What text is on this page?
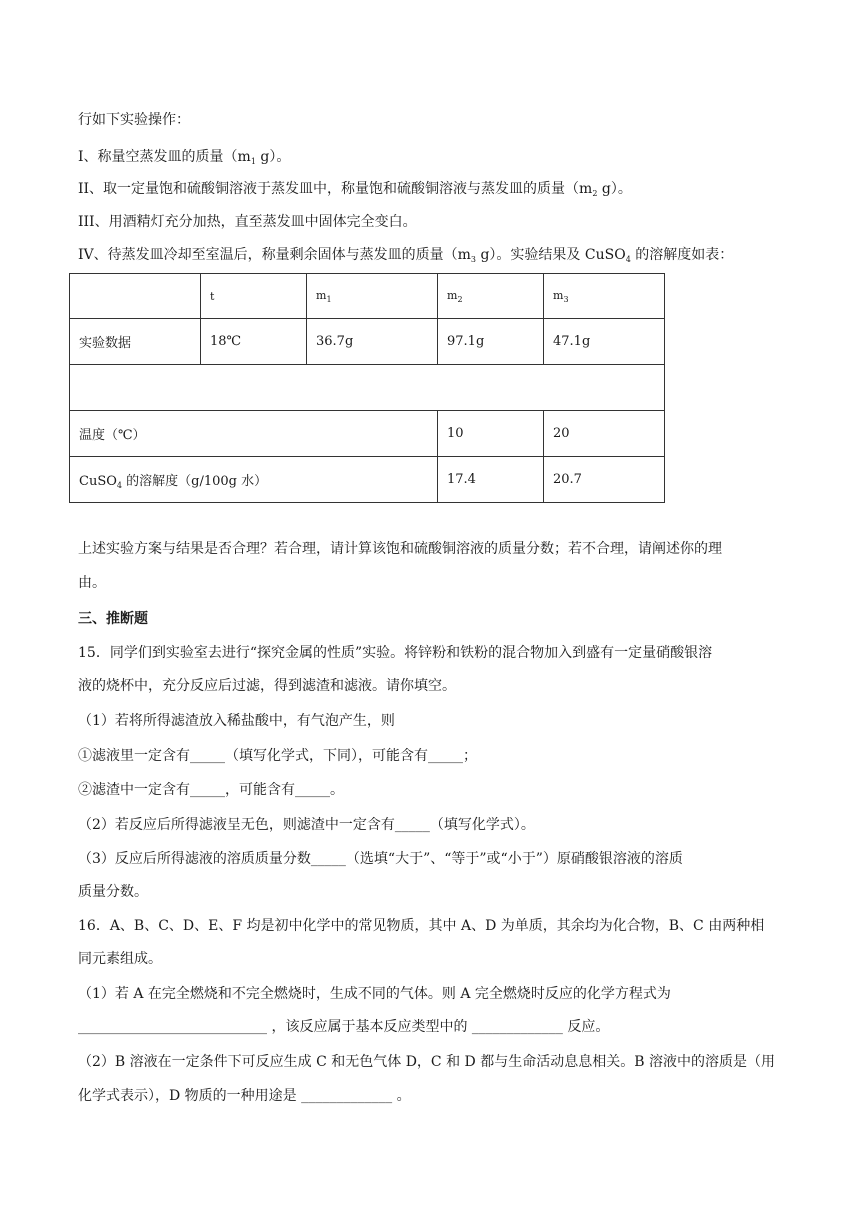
行如下实验操作：
I、称量空蒸发皿的质量（$m_1$ g）。
II、取一定量饱和硫酸铜溶液于蒸发皿中，称量饱和硫酸铜溶液与蒸发皿的质量（$m_2$ g）。
III、用酒精灯充分加热，直至蒸发皿中固体完全变白。
IV、待蒸发皿冷却至室温后，称量剩余固体与蒸发皿的质量（$m_3$ g）。实验结果及 CuSO$_4$ 的溶解度如表：
	t	$m_1$	$m_2$	$m_3$
实验数据	18℃	36.7g	97.1g	47.1g

温度（℃）			10	20
CuSO$_4$ 的溶解度（g/100g 水）			17.4	20.7
上述实验方案与结果是否合理？若合理，请计算该饱和硫酸铜溶液的质量分数；若不合理，请阐述你的理
由。
三、推断题
15．同学们到实验室去进行“探究金属的性质”实验。将锌粉和铁粉的混合物加入到盛有一定量硝酸银溶
液的烧杯中，充分反应后过滤，得到滤渣和滤液。请你填空。
（1）若将所得滤渣放入稀盐酸中，有气泡产生，则
①滤液里一定含有_____（填写化学式，下同），可能含有_____；
②滤渣中一定含有_____，可能含有_____。
（2）若反应后所得滤液呈无色，则滤渣中一定含有_____（填写化学式）。
（3）反应后所得滤液的溶质质量分数_____（选填“大于”、“等于”或“小于”）原硝酸银溶液的溶质
质量分数。
16．A、B、C、D、E、F 均是初中化学中的常见物质，其中 A、D 为单质，其余均为化合物，B、C 由两种相
同元素组成。
（1）若 A 在完全燃烧和不完全燃烧时，生成不同的气体。则 A 完全燃烧时反应的化学方程式为
___________________________ ，该反应属于基本反应类型中的 _____________ 反应。
（2）B 溶液在一定条件下可反应生成 C 和无色气体 D，C 和 D 都与生命活动息息相关。B 溶液中的溶质是（用
化学式表示），D 物质的一种用途是 _____________ 。
